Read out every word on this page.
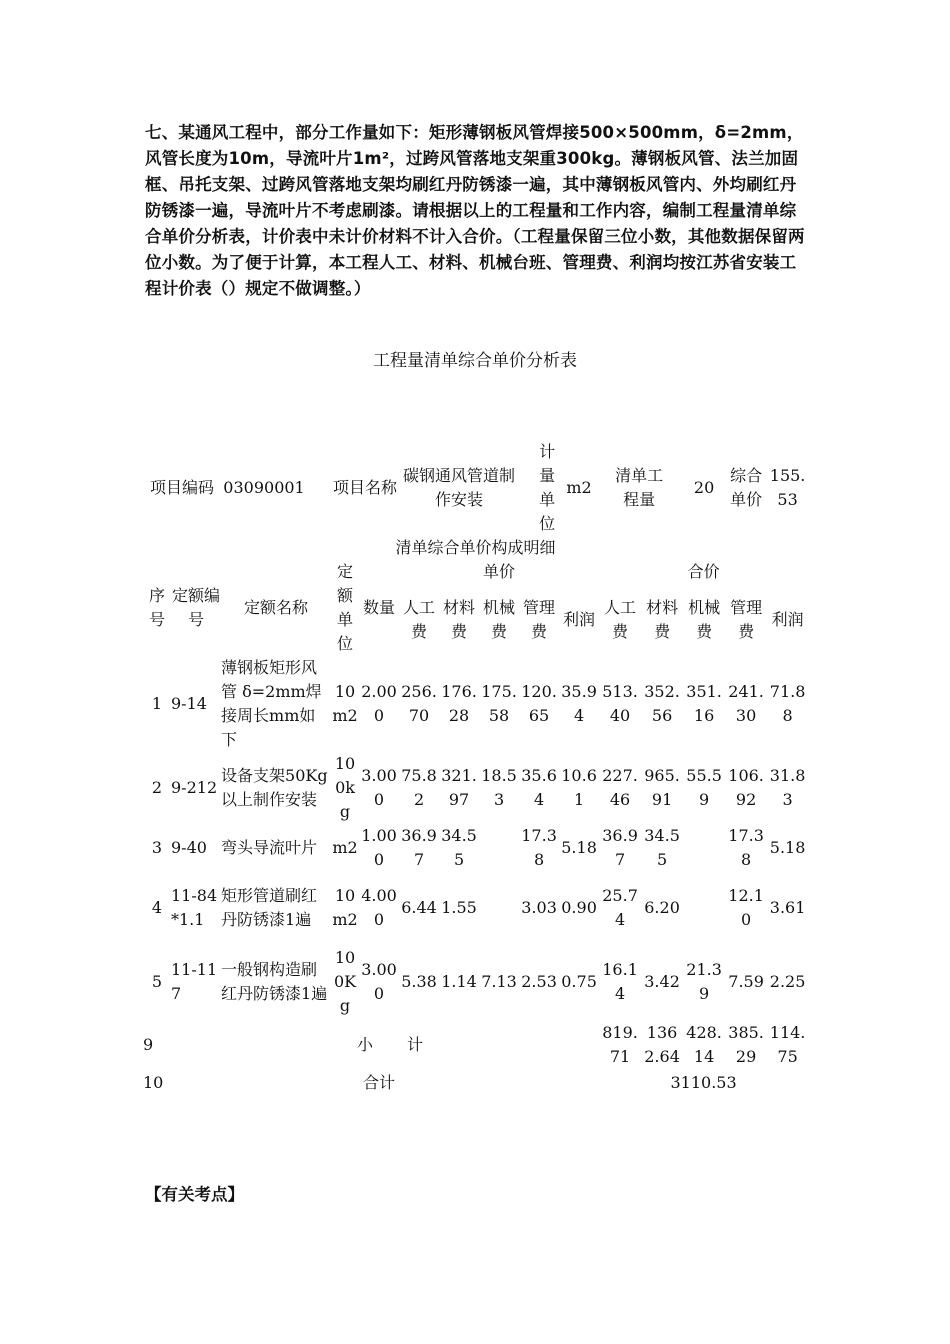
七、某通风工程中，部分工作量如下：矩形薄钢板风管焊接500×500mm，δ=2mm，风管长度为10m，导流叶片1m²，过跨风管落地支架重300kg。薄钢板风管、法兰加固框、吊托支架、过跨风管落地支架均刷红丹防锈漆一遍，其中薄钢板风管内、外均刷红丹防锈漆一遍，导流叶片不考虑刷漆。请根据以上的工程量和工作内容，编制工程量清单综合单价分析表，计价表中未计价材料不计入合价。（工程量保留三位小数，其他数据保留两位小数。为了便于计算，本工程人工、材料、机械台班、管理费、利润均按江苏省安装工程计价表（）规定不做调整。）

工程量清单综合单价分析表

项目编码		03090001	项目名称		碳钢通风管道制作安装			计量单位	m2	清单工程量		20	综合单价	155.53
清单综合单价构成明细														
序号	定额编号	定额名称	定额单位	数量	单价					合价				
					人工费	材料费	机械费	管理费	利润	人工费	材料费	机械费	管理费	利润
1	9-14	薄钢板矩形风管 δ=2mm焊接周长mm如下	10m2	2.000	256.70	176.28	175.58	120.65	35.94	513.40	352.56	351.16	241.30	71.88
2	9-212	设备支架50Kg以上制作安装	100kg	3.000	75.82	321.97	18.53	35.64	10.61	227.46	965.91	55.59	106.92	31.83
3	9-40	弯头导流叶片	m2	1.000	36.97	34.55		17.38	5.18	36.97	34.55		17.38	5.18
4	11-84*1.1	矩形管道刷红丹防锈漆1遍	10m2	4.000	6.44	1.55		3.03	0.90	25.74	6.20		12.10	3.61
5	11-117	一般钢构造刷红丹防锈漆1遍	100Kg	3.000	5.38	1.14	7.13	2.53	0.75	16.14	3.42	21.39	7.59	2.25
9			小		计					819.71	1362.64	428.14	385.29	114.75
10	合计									3110.53				

【有关考点】
